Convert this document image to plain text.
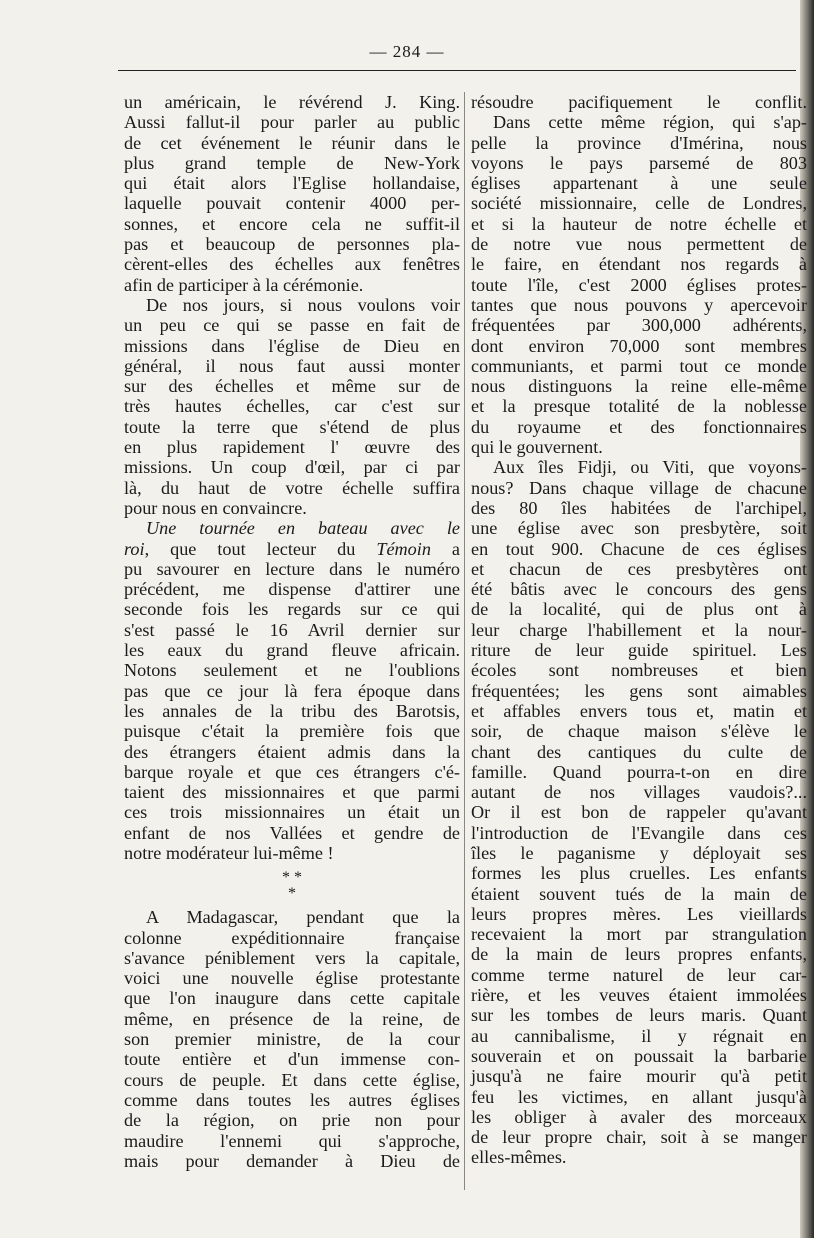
— 284 —
un américain, le révérend J. King.
Aussi fallut-il pour parler au public
de cet événement le réunir dans le
plus grand temple de New-York
qui était alors l'Eglise hollandaise,
laquelle pouvait contenir 4000 per-
sonnes, et encore cela ne suffit-il
pas et beaucoup de personnes pla-
cèrent-elles des échelles aux fenêtres
afin de participer à la cérémonie.
De nos jours, si nous voulons voir
un peu ce qui se passe en fait de
missions dans l'église de Dieu en
général, il nous faut aussi monter
sur des échelles et même sur de
très hautes échelles, car c'est sur
toute la terre que s'étend de plus
en plus rapidement l' œuvre des
missions. Un coup d'œil, par ci par
là, du haut de votre échelle suffira
pour nous en convaincre.
Une tournée en bateau avec le
roi, que tout lecteur du Témoin a
pu savourer en lecture dans le numéro
précédent, me dispense d'attirer une
seconde fois les regards sur ce qui
s'est passé le 16 Avril dernier sur
les eaux du grand fleuve africain.
Notons seulement et ne l'oublions
pas que ce jour là fera époque dans
les annales de la tribu des Barotsis,
puisque c'était la première fois que
des étrangers étaient admis dans la
barque royale et que ces étrangers c'é-
taient des missionnaires et que parmi
ces trois missionnaires un était un
enfant de nos Vallées et gendre de
notre modérateur lui-même !
* *
*
A Madagascar, pendant que la
colonne expéditionnaire française
s'avance péniblement vers la capitale,
voici une nouvelle église protestante
que l'on inaugure dans cette capitale
même, en présence de la reine, de
son premier ministre, de la cour
toute entière et d'un immense con-
cours de peuple. Et dans cette église,
comme dans toutes les autres églises
de la région, on prie non pour
maudire l'ennemi qui s'approche,
mais pour demander à Dieu de
résoudre pacifiquement le conflit.
Dans cette même région, qui s'ap-
pelle la province d'Imérina, nous
voyons le pays parsemé de 803
églises appartenant à une seule
société missionnaire, celle de Londres,
et si la hauteur de notre échelle et
de notre vue nous permettent de
le faire, en étendant nos regards à
toute l'île, c'est 2000 églises protes-
tantes que nous pouvons y apercevoir
fréquentées par 300,000 adhérents,
dont environ 70,000 sont membres
communiants, et parmi tout ce monde
nous distinguons la reine elle-même
et la presque totalité de la noblesse
du royaume et des fonctionnaires
qui le gouvernent.
Aux îles Fidji, ou Viti, que voyons-
nous? Dans chaque village de chacune
des 80 îles habitées de l'archipel,
une église avec son presbytère, soit
en tout 900. Chacune de ces églises
et chacun de ces presbytères ont
été bâtis avec le concours des gens
de la localité, qui de plus ont à
leur charge l'habillement et la nour-
riture de leur guide spirituel. Les
écoles sont nombreuses et bien
fréquentées; les gens sont aimables
et affables envers tous et, matin et
soir, de chaque maison s'élève le
chant des cantiques du culte de
famille. Quand pourra-t-on en dire
autant de nos villages vaudois?...
Or il est bon de rappeler qu'avant
l'introduction de l'Evangile dans ces
îles le paganisme y déployait ses
formes les plus cruelles. Les enfants
étaient souvent tués de la main de
leurs propres mères. Les vieillards
recevaient la mort par strangulation
de la main de leurs propres enfants,
comme terme naturel de leur car-
rière, et les veuves étaient immolées
sur les tombes de leurs maris. Quant
au cannibalisme, il y régnait en
souverain et on poussait la barbarie
jusqu'à ne faire mourir qu'à petit
feu les victimes, en allant jusqu'à
les obliger à avaler des morceaux
de leur propre chair, soit à se manger
elles-mêmes.
